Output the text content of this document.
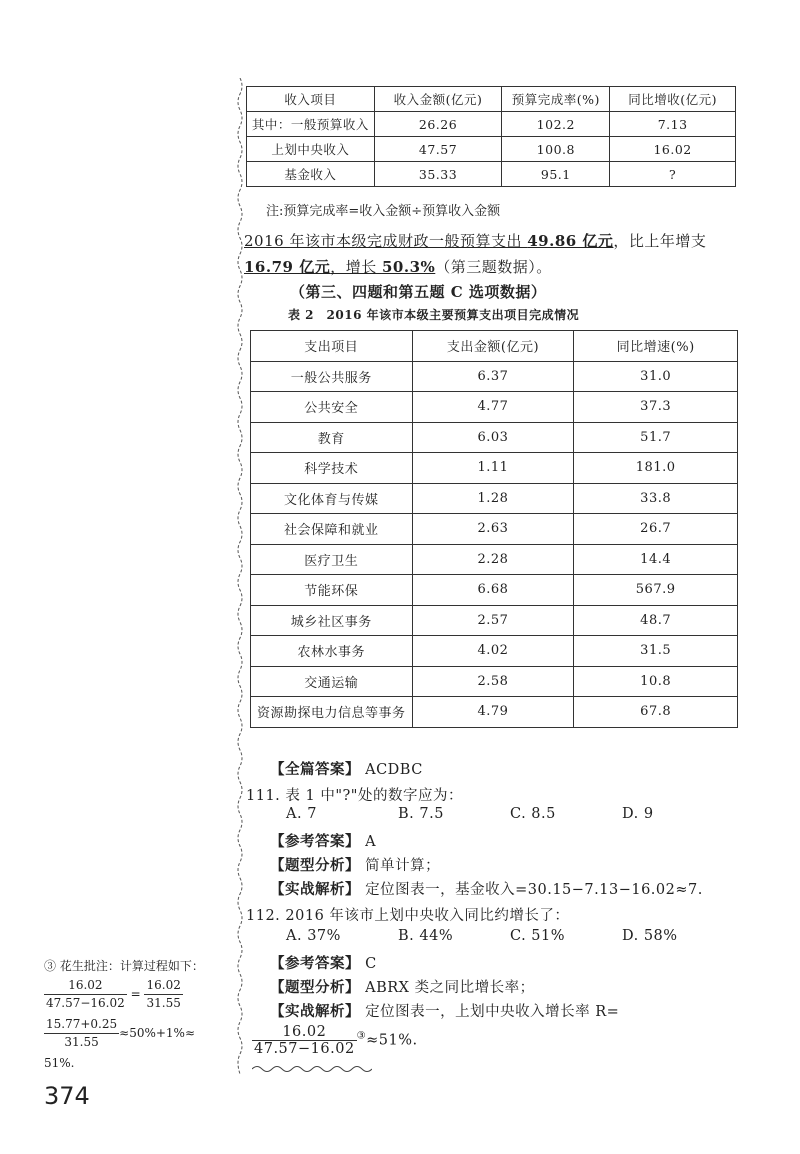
收入项目	收入金额(亿元)	预算完成率(%)	同比增收(亿元)
其中：一般预算收入	26.26	102.2	7.13
上划中央收入	47.57	100.8	16.02
基金收入	35.33	95.1	?
注:预算完成率=收入金额÷预算收入金额
2016 年该市本级完成财政一般预算支出 49.86 亿元，比上年增支16.79 亿元，增长 50.3%（第三题数据）。
（第三、四题和第五题 C 选项数据）
表 2　2016 年该市本级主要预算支出项目完成情况
支出项目	支出金额(亿元)	同比增速(%)
一般公共服务	6.37	31.0
公共安全	4.77	37.3
教育	6.03	51.7
科学技术	1.11	181.0
文化体育与传媒	1.28	33.8
社会保障和就业	2.63	26.7
医疗卫生	2.28	14.4
节能环保	6.68	567.9
城乡社区事务	2.57	48.7
农林水事务	4.02	31.5
交通运输	2.58	10.8
资源勘探电力信息等事务	4.79	67.8
【全篇答案】 ACDBC
111. 表 1 中"?"处的数字应为：
A. 7	B. 7.5	C. 8.5	D. 9
【参考答案】 A
【题型分析】 简单计算；
【实战解析】 定位图表一，基金收入=30.15−7.13−16.02≈7.
112. 2016 年该市上划中央收入同比约增长了：
A. 37%	B. 44%	C. 51%	D. 58%
【参考答案】 C
【题型分析】 ABRX 类之同比增长率；
【实战解析】 定位图表一，上划中央收入增长率 R=
$\frac{16.02}{47.57-16.02} ^③\approx 51\%$.
③ 花生批注：计算过程如下：
$\frac{16.02}{47.57-16.02} = \frac{16.02}{31.55}$
$\frac{15.77+0.25}{31.55} \approx 50\%+1\%\approx$
51%.
374
